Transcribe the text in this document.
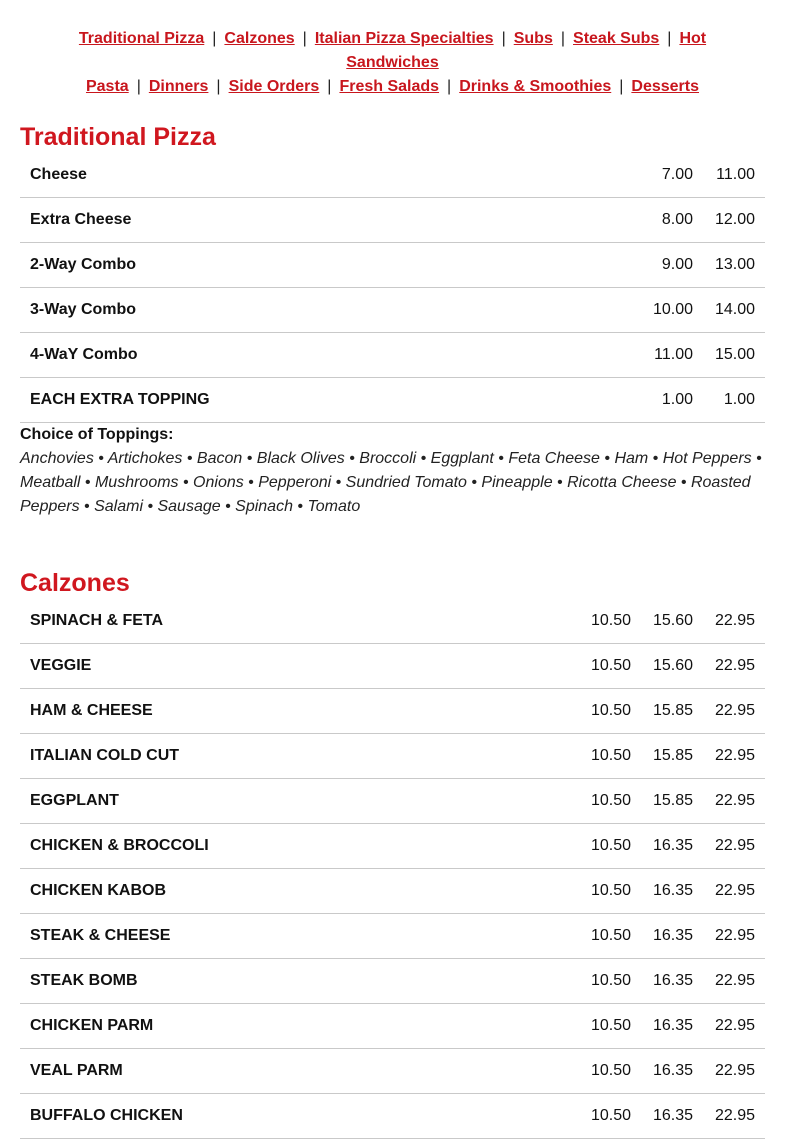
Traditional Pizza | Calzones | Italian Pizza Specialties | Subs | Steak Subs | Hot Sandwiches
Pasta | Dinners | Side Orders | Fresh Salads | Drinks & Smoothies | Desserts
Traditional Pizza
Cheese	7.00	11.00
Extra Cheese	8.00	12.00
2-Way Combo	9.00	13.00
3-Way Combo	10.00	14.00
4-WaY Combo	11.00	15.00
EACH EXTRA TOPPING	1.00	1.00
Choice of Toppings:
Anchovies • Artichokes • Bacon • Black Olives • Broccoli • Eggplant • Feta Cheese • Ham • Hot Peppers • Meatball • Mushrooms • Onions • Pepperoni • Sundried Tomato • Pineapple • Ricotta Cheese • Roasted Peppers • Salami • Sausage • Spinach • Tomato
Calzones
SPINACH & FETA	10.50	15.60	22.95
VEGGIE	10.50	15.60	22.95
HAM & CHEESE	10.50	15.85	22.95
ITALIAN COLD CUT	10.50	15.85	22.95
EGGPLANT	10.50	15.85	22.95
CHICKEN & BROCCOLI	10.50	16.35	22.95
CHICKEN KABOB	10.50	16.35	22.95
STEAK & CHEESE	10.50	16.35	22.95
STEAK BOMB	10.50	16.35	22.95
CHICKEN PARM	10.50	16.35	22.95
VEAL PARM	10.50	16.35	22.95
BUFFALO CHICKEN	10.50	16.35	22.95
